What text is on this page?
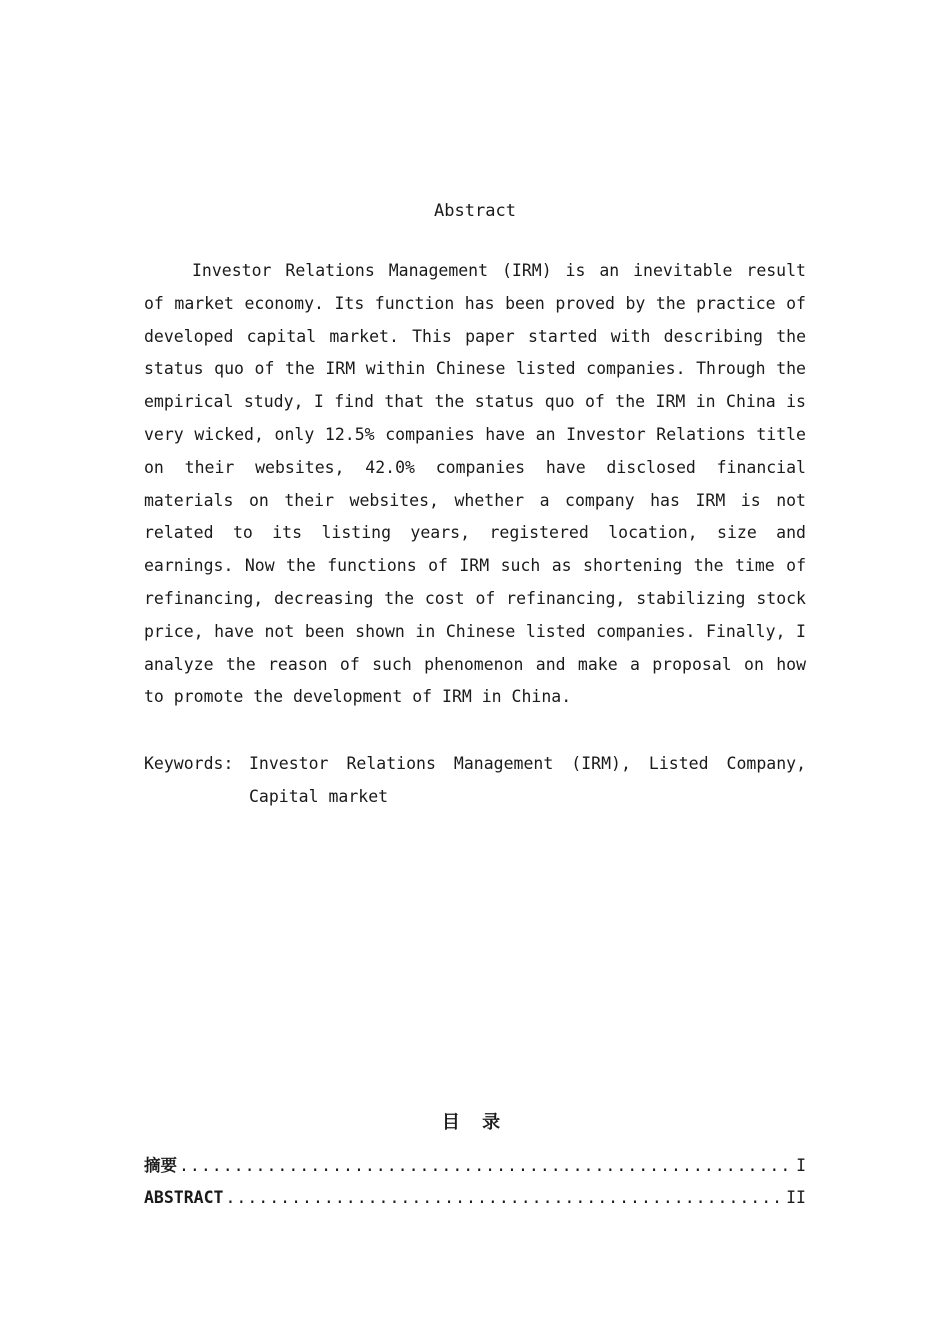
Abstract

Investor Relations Management (IRM) is an inevitable result of market economy. Its function has been proved by the practice of developed capital market. This paper started with describing the status quo of the IRM within Chinese listed companies. Through the empirical study, I find that the status quo of the IRM in China is very wicked, only 12.5% companies have an Investor Relations title on their websites, 42.0% companies have disclosed financial materials on their websites, whether a company has IRM is not related to its listing years, registered location, size and earnings. Now the functions of IRM such as shortening the time of refinancing, decreasing the cost of refinancing, stabilizing stock price, have not been shown in Chinese listed companies. Finally, I analyze the reason of such phenomenon and make a proposal on how to promote the development of IRM in China.

Keywords: Investor Relations Management (IRM), Listed Company, Capital market

目 录
摘要 .....	I
ABSTRACT .....	II
